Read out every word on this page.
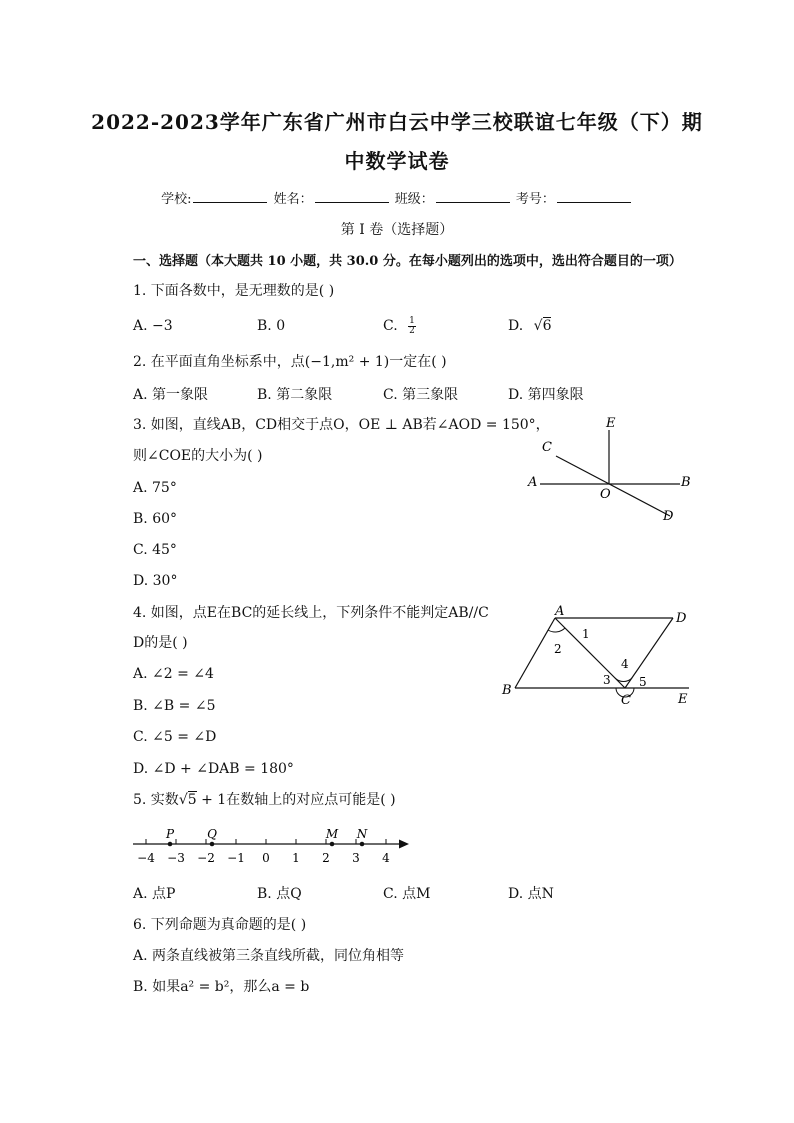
2022-2023学年广东省广州市白云中学三校联谊七年级（下）期
中数学试卷
学校:	姓名：	班级：	考号：
第 I 卷（选择题）
一、选择题（本大题共 10 小题，共 30.0 分。在每小题列出的选项中，选出符合题目的一项）
1. 下面各数中，是无理数的是( )
A. −3	B. 0	C. $\frac{1}{2}$	D. √6
2. 在平面直角坐标系中，点(−1,m² + 1)一定在( )
A. 第一象限	B. 第二象限	C. 第三象限	D. 第四象限
3. 如图，直线AB，CD相交于点O，OE ⊥ AB若∠AOD = 150°，
则∠COE的大小为( )
A. 75°
B. 60°
C. 45°
D. 30°
E
C
A
O
B
D
4. 如图，点E在BC的延长线上，下列条件不能判定AB//C
D的是( )
A. ∠2 = ∠4
B. ∠B = ∠5
C. ∠5 = ∠D
D. ∠D + ∠DAB = 180°
A	D
B
C	E
1
2
3
4
5
5. 实数√5 + 1在数轴上的对应点可能是( )
−4 −3 −2 −1 0 1 2 3 4
P	Q	M N
A. 点P	B. 点Q	C. 点M	D. 点N
6. 下列命题为真命题的是( )
A. 两条直线被第三条直线所截，同位角相等
B. 如果a² = b²，那么a = b
